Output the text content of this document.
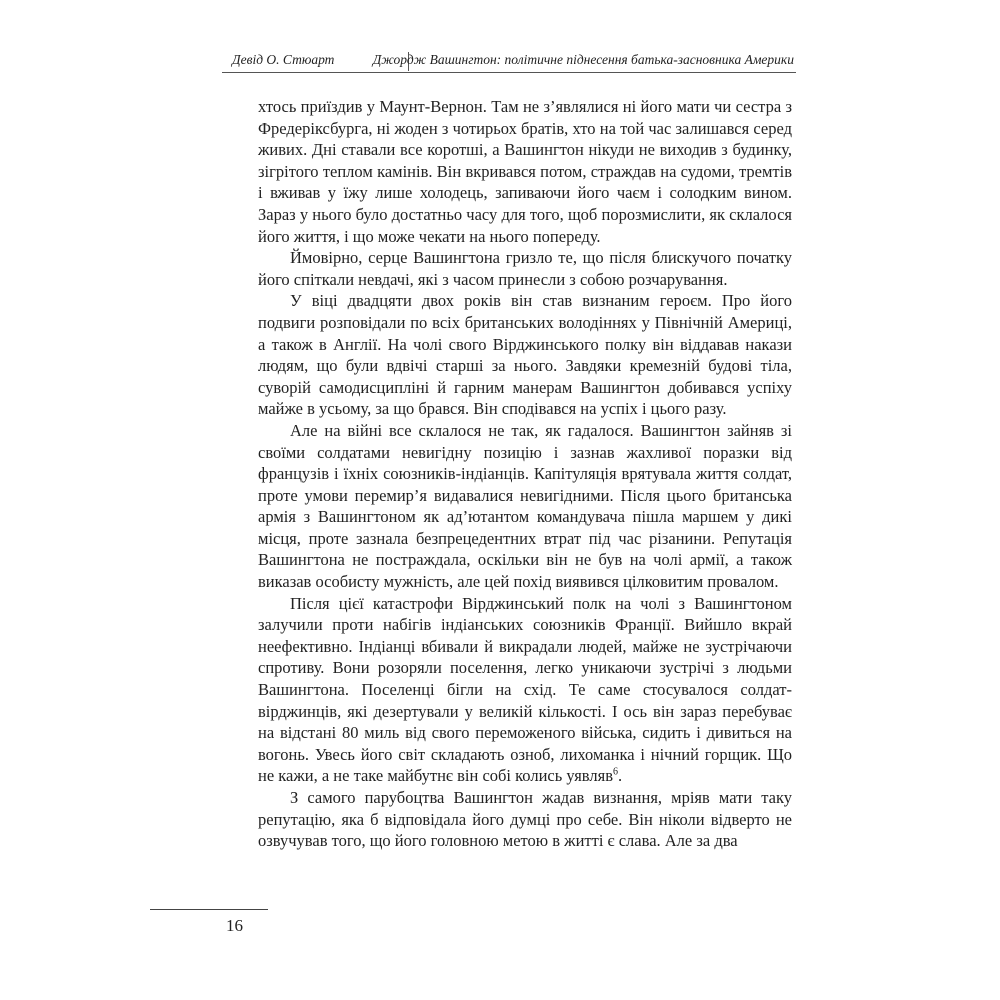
Девід О. Стюарт	Джордж Вашингтон: політичне піднесення батька-засновника Америки

хтось приїздив у Маунт-Вернон. Там не з’являлися ні його мати чи сестра з Фредеріксбурга, ні жоден з чотирьох братів, хто на той час залишався серед живих. Дні ставали все коротші, а Вашингтон нікуди не виходив з будинку, зігрітого теплом камінів. Він вкривався потом, страждав на судоми, тремтів і вживав у їжу лише холодець, запиваючи його чаєм і солодким вином. Зараз у нього було достатньо часу для того, щоб порозмислити, як склалося його життя, і що може чекати на нього попереду.

Ймовірно, серце Вашингтона гризло те, що після блискучого початку його спіткали невдачі, які з часом принесли з собою розчарування.

У віці двадцяти двох років він став визнаним героєм. Про його подвиги розповідали по всіх британських володіннях у Північній Америці, а також в Англії. На чолі свого Вірджинського полку він віддавав накази людям, що були вдвічі старші за нього. Завдяки кремезній будові тіла, суворій самодисципліні й гарним манерам Вашингтон добивався успіху майже в усьому, за що брався. Він сподівався на успіх і цього разу.

Але на війні все склалося не так, як гадалося. Вашингтон зайняв зі своїми солдатами невигідну позицію і зазнав жахливої поразки від французів і їхніх союзників-індіанців. Капітуляція врятувала життя солдат, проте умови перемир’я видавалися невигідними. Після цього британська армія з Вашингтоном як ад’ютантом командувача пішла маршем у дикі місця, проте зазнала безпрецедентних втрат під час різанини. Репутація Вашингтона не постраждала, оскільки він не був на чолі армії, а також виказав особисту мужність, але цей похід виявився цілковитим провалом.

Після цієї катастрофи Вірджинський полк на чолі з Вашингтоном залучили проти набігів індіанських союзників Франції. Вийшло вкрай неефективно. Індіанці вбивали й викрадали людей, майже не зустрічаючи спротиву. Вони розоряли поселення, легко уникаючи зустрічі з людьми Вашингтона. Поселенці бігли на схід. Те саме стосувалося солдат-вірджинців, які дезертували у великій кількості. І ось він зараз перебуває на відстані 80 миль від свого переможеного війська, сидить і дивиться на вогонь. Увесь його світ складають озноб, лихоманка і нічний горщик. Що не кажи, а не таке майбутнє він собі колись уявляв$^6$.

З самого парубоцтва Вашингтон жадав визнання, мріяв мати таку репутацію, яка б відповідала його думці про себе. Він ніколи відверто не озвучував того, що його головною метою в житті є слава. Але за два

16
